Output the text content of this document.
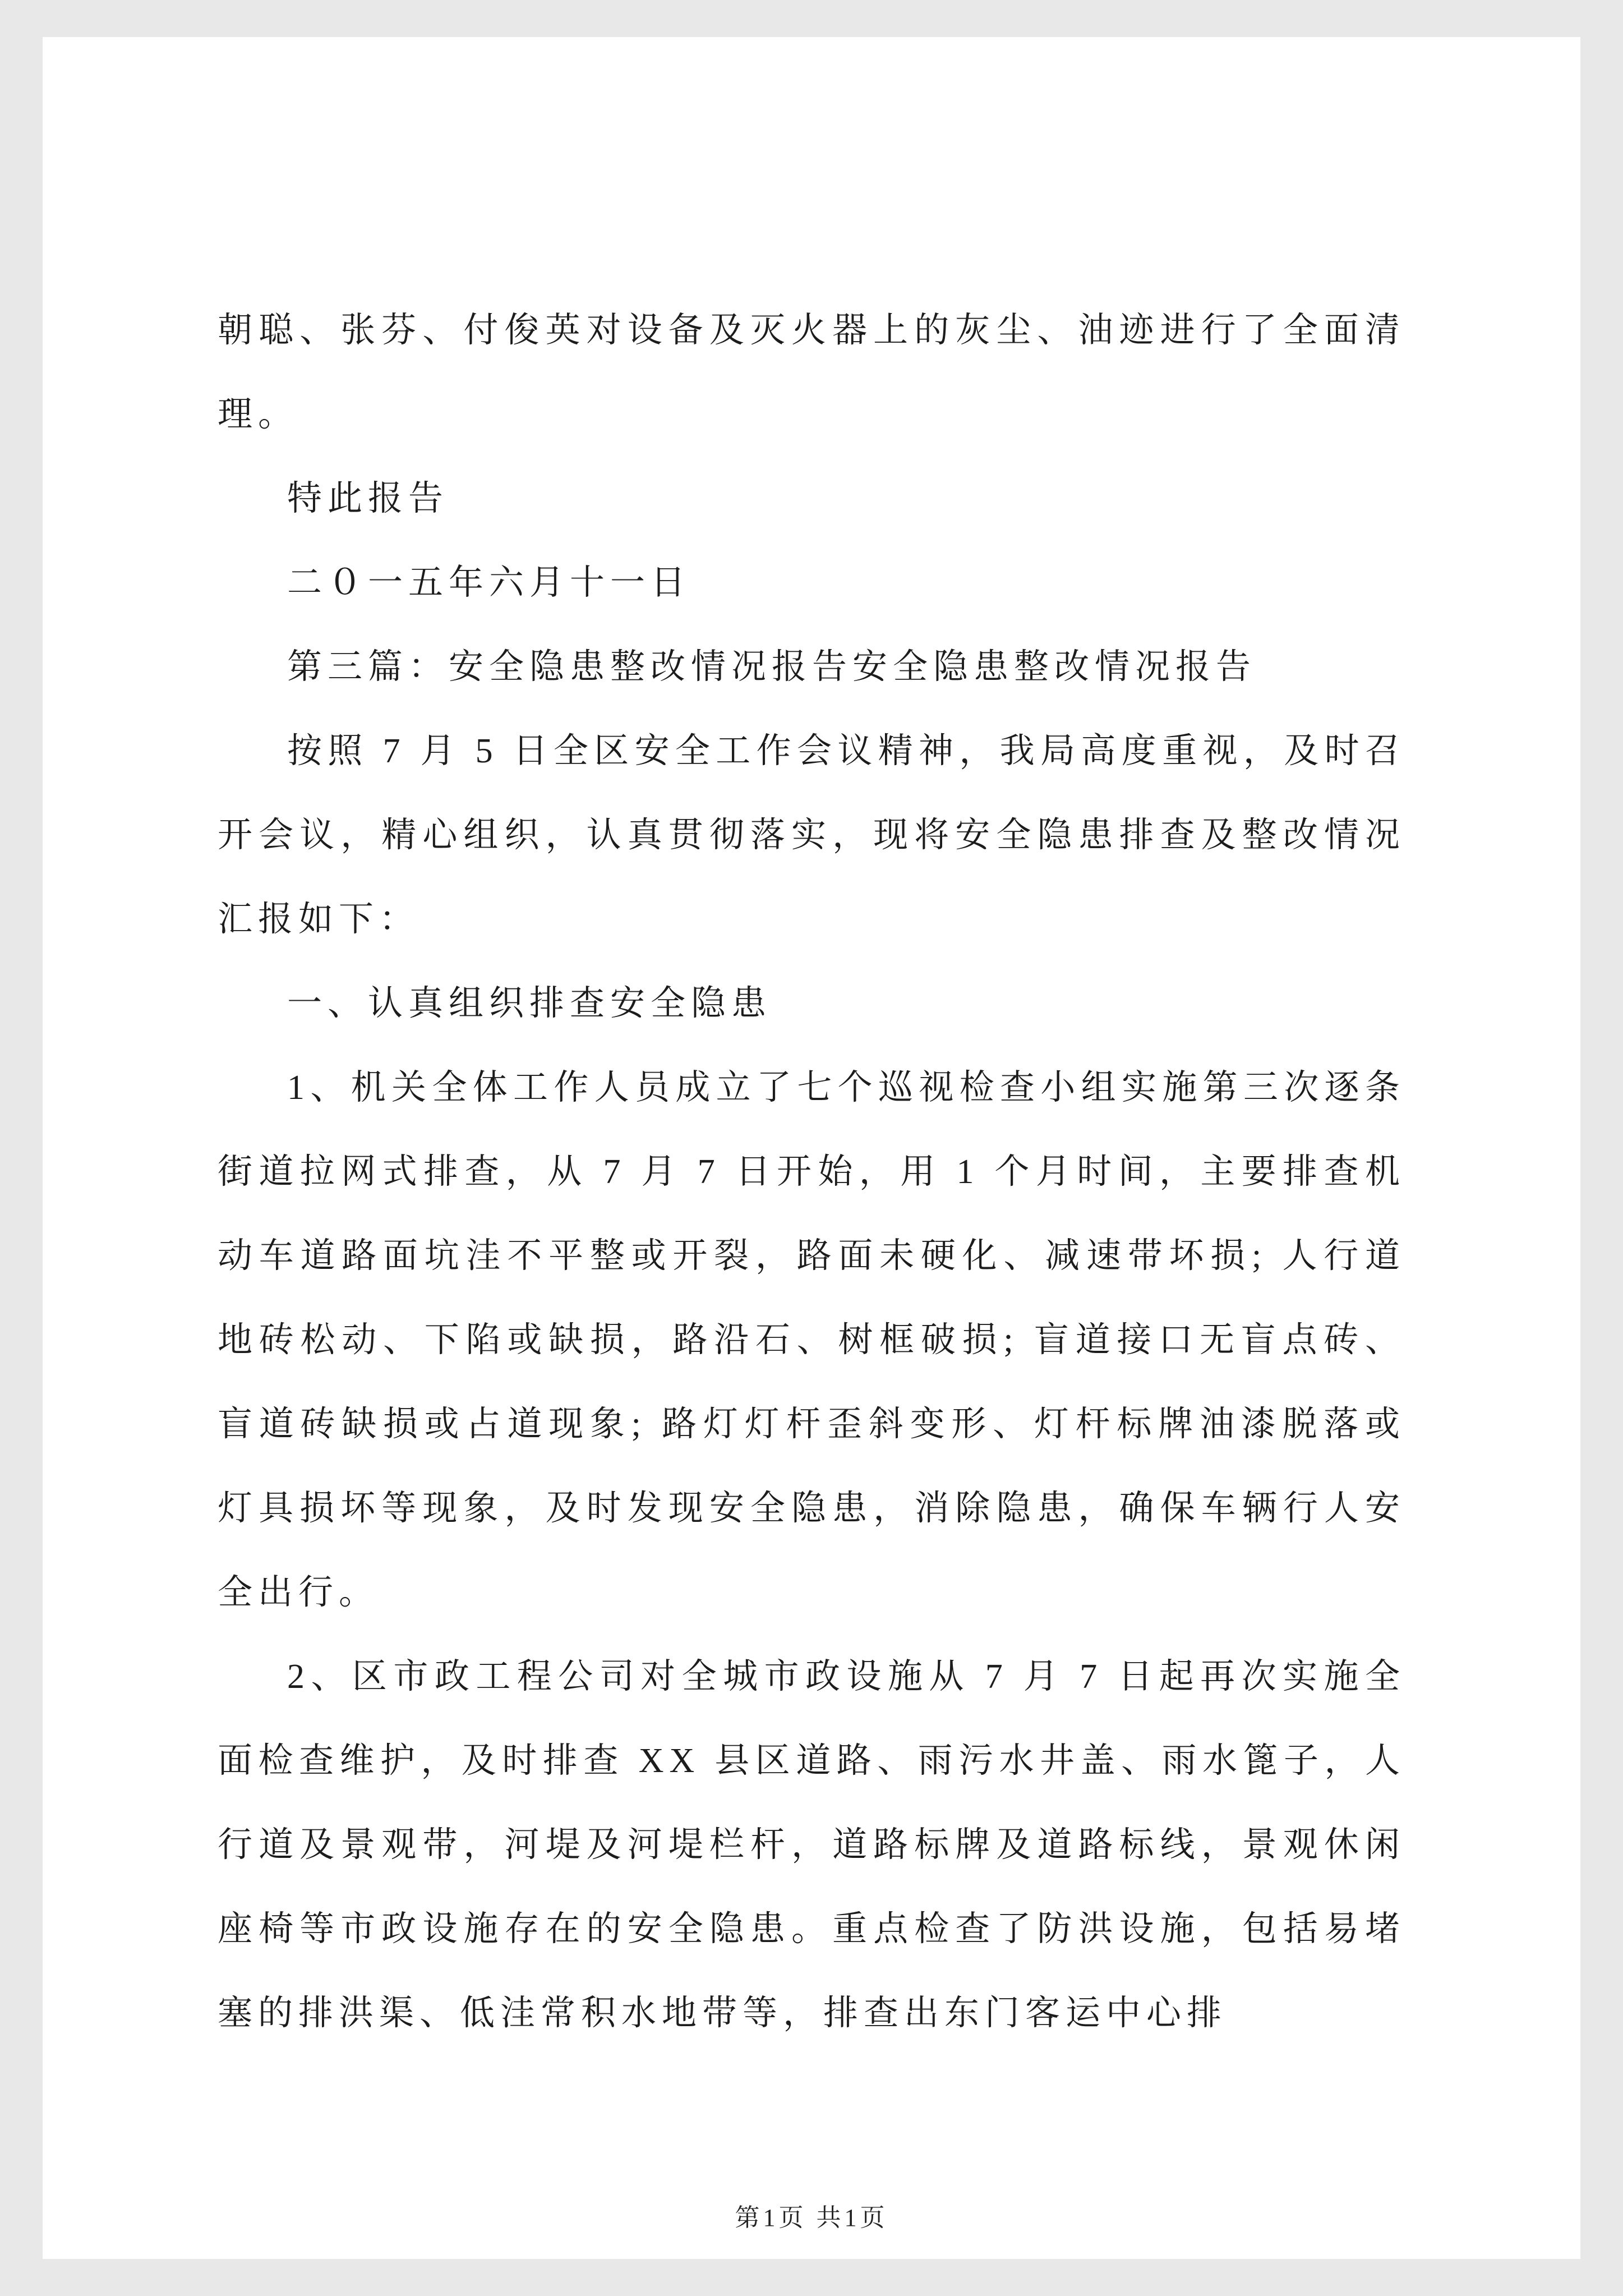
朝聪、张芬、付俊英对设备及灭火器上的灰尘、油迹进行了全面清理。

特此报告

二０一五年六月十一日

第三篇：安全隐患整改情况报告安全隐患整改情况报告

按照 7 月 5 日全区安全工作会议精神，我局高度重视，及时召开会议，精心组织，认真贯彻落实，现将安全隐患排查及整改情况汇报如下：

一、认真组织排查安全隐患

1、机关全体工作人员成立了七个巡视检查小组实施第三次逐条街道拉网式排查，从 7 月 7 日开始，用 1 个月时间，主要排查机动车道路面坑洼不平整或开裂，路面未硬化、减速带坏损; 人行道地砖松动、下陷或缺损，路沿石、树框破损; 盲道接口无盲点砖、盲道砖缺损或占道现象; 路灯灯杆歪斜变形、灯杆标牌油漆脱落或灯具损坏等现象，及时发现安全隐患，消除隐患，确保车辆行人安全出行。

2、区市政工程公司对全城市政设施从 7 月 7 日起再次实施全面检查维护，及时排查 XX 县区道路、雨污水井盖、雨水篦子，人行道及景观带，河堤及河堤栏杆，道路标牌及道路标线，景观休闲座椅等市政设施存在的安全隐患。重点检查了防洪设施，包括易堵塞的排洪渠、低洼常积水地带等，排查出东门客运中心排

第1页 共1页
